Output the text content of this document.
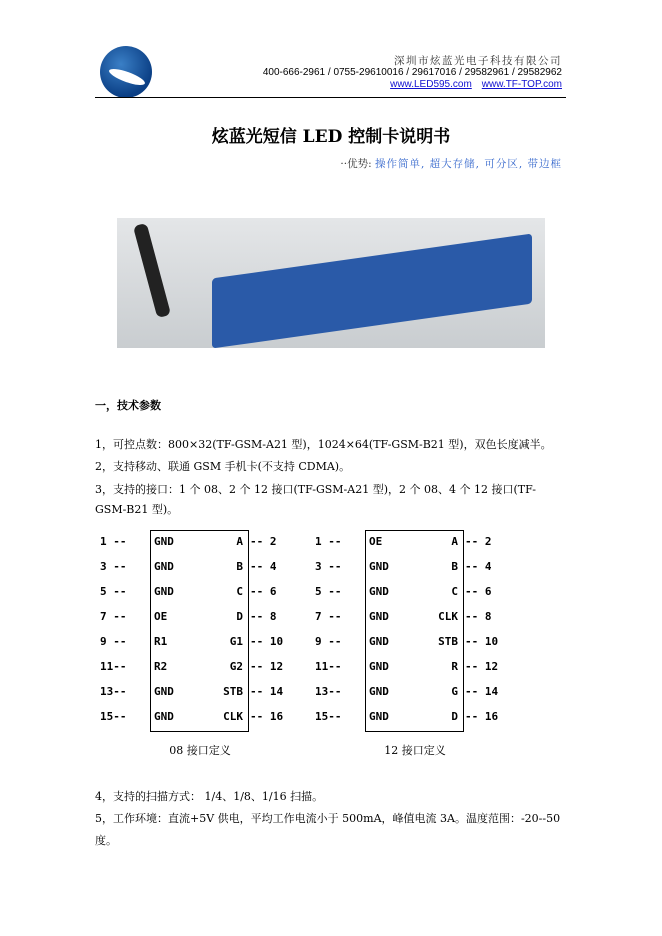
深圳市炫蓝光电子科技有限公司
400-666-2961 / 0755-29610016 / 29617016 / 29582961 / 29582962
www.LED595.com www.TF-TOP.com
炫蓝光短信 LED 控制卡说明书
··优势: 操作简单, 超大存储, 可分区, 带边框
一，技术参数
1，可控点数：800×32(TF-GSM-A21 型)，1024×64(TF-GSM-B21 型)，双色长度减半。
2，支持移动、联通 GSM 手机卡(不支持 CDMA)。
3，支持的接口：1 个 08、2 个 12 接口(TF-GSM-A21 型)，2 个 08、4 个 12 接口(TF-GSM-B21 型)。
08 接口定义
1 --	GND	A -- 2
3 --	GND	B -- 4
5 --	GND	C -- 6
7 --	OE	D -- 8
9 --	R1	G1 -- 10
11--	R2	G2 -- 12
13--	GND	STB -- 14
15--	GND	CLK -- 16
12 接口定义
1 --	OE	A -- 2
3 --	GND	B -- 4
5 --	GND	C -- 6
7 --	GND	CLK -- 8
9 --	GND	STB -- 10
11--	GND	R -- 12
13--	GND	G -- 14
15--	GND	D -- 16
4，支持的扫描方式： 1/4、1/8、1/16 扫描。
5，工作环境：直流+5V 供电，平均工作电流小于 500mA，峰值电流 3A。温度范围：-20--50 度。
